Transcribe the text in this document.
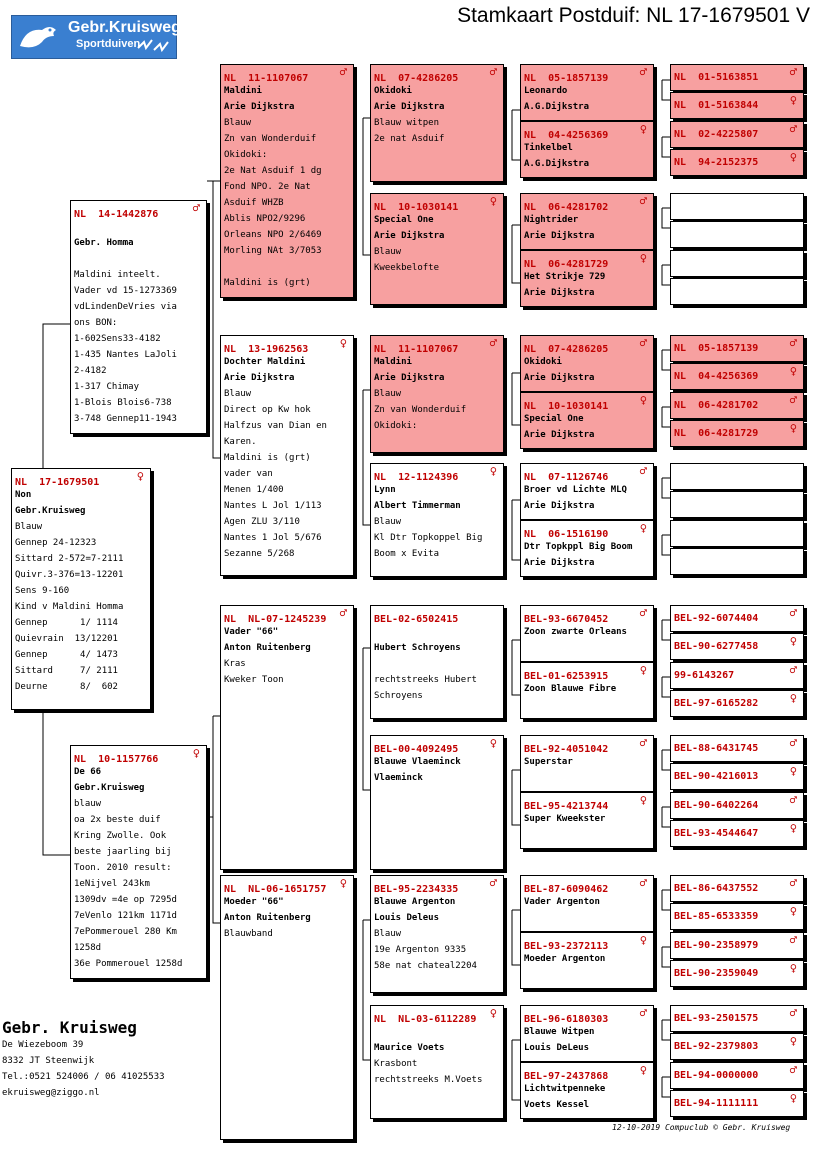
Gebr.Kruisweg
Sportduiven
Stamkaart Postduif: NL 17-1679501 V
NL  17-1679501	♀
Non
Gebr.Kruisweg
Blauw
Gennep 24-12323
Sittard 2-572=7-2111
Quivr.3-376=13-12201
Sens 9-160
Kind v Maldini Homma
Gennep      1/ 1114
Quievrain  13/12201
Gennep      4/ 1473
Sittard     7/ 2111
Deurne      8/  602
NL  14-1442876	♂

Gebr. Homma

Maldini inteelt.
Vader vd 15-1273369
vdLindenDeVries via
ons BON:
1-602Sens33-4182
1-435 Nantes LaJoli
2-4182
1-317 Chimay
1-Blois Blois6-738
3-748 Gennep11-1943
NL  10-1157766	♀
De 66
Gebr.Kruisweg
blauw
oa 2x beste duif
Kring Zwolle. Ook
beste jaarling bij
Toon. 2010 result:
1eNijvel 243km
1309dv =4e op 7295d
7eVenlo 121km 1171d
7ePommerouel 280 Km
1258d
36e Pommerouel 1258d
NL  11-1107067	♂
Maldini
Arie Dijkstra
Blauw
Zn van Wonderduif
Okidoki:
2e Nat Asduif 1 dg
Fond NPO. 2e Nat
Asduif WHZB
Ablis NPO2/9296
Orleans NPO 2/6469
Morling NAt 3/7053

Maldini is (grt)
NL  13-1962563	♀
Dochter Maldini
Arie Dijkstra
Blauw
Direct op Kw hok
Halfzus van Dian en
Karen.
Maldini is (grt)
vader van
Menen 1/400
Nantes L Jol 1/113
Agen ZLU 3/110
Nantes 1 Jol 5/676
Sezanne 5/268
NL  NL-07-1245239	♂
Vader "66"
Anton Ruitenberg
Kras
Kweker Toon
NL  NL-06-1651757	♀
Moeder "66"
Anton Ruitenberg
Blauwband
NL  07-4286205	♂
Okidoki
Arie Dijkstra
Blauw witpen
2e nat Asduif
NL  10-1030141	♀
Special One
Arie Dijkstra
Blauw
Kweekbelofte
NL  11-1107067	♂
Maldini
Arie Dijkstra
Blauw
Zn van Wonderduif
Okidoki:
NL  12-1124396	♀
Lynn
Albert Timmerman
Blauw
Kl Dtr Topkoppel Big
Boom x Evita
BEL-02-6502415

Hubert Schroyens

rechtstreeks Hubert
Schroyens
BEL-00-4092495	♀
Blauwe Vlaeminck
Vlaeminck
BEL-95-2234335	♂
Blauwe Argenton
Louis Deleus
Blauw
19e Argenton 9335
58e nat chateal2204
NL  NL-03-6112289	♀

Maurice Voets
Krasbont
rechtstreeks M.Voets
NL  05-1857139	♂
Leonardo
A.G.Dijkstra
NL  04-4256369	♀
Tinkelbel
A.G.Dijkstra
NL  06-4281702	♂
Nightrider
Arie Dijkstra
NL  06-4281729	♀
Het Strikje 729
Arie Dijkstra
NL  07-4286205	♂
Okidoki
Arie Dijkstra
NL  10-1030141	♀
Special One
Arie Dijkstra
NL  07-1126746	♂
Broer vd Lichte MLQ
Arie Dijkstra
NL  06-1516190	♀
Dtr Topkppl Big Boom
Arie Dijkstra
BEL-93-6670452	♂
Zoon zwarte Orleans
BEL-01-6253915	♀
Zoon Blauwe Fibre
BEL-92-4051042	♂
Superstar
BEL-95-4213744	♀
Super Kweekster
BEL-87-6090462	♂
Vader Argenton
BEL-93-2372113	♀
Moeder Argenton
BEL-96-6180303	♂
Blauwe Witpen
Louis DeLeus
BEL-97-2437868	♀
Lichtwitpenneke
Voets Kessel
NL  01-5163851	♂
NL  01-5163844	♀
NL  02-4225807	♂
NL  94-2152375	♀
NL  05-1857139	♂
NL  04-4256369	♀
NL  06-4281702	♂
NL  06-4281729	♀
BEL-92-6074404	♂
BEL-90-6277458	♀
99-6143267	♂
BEL-97-6165282	♀
BEL-88-6431745	♂
BEL-90-4216013	♀
BEL-90-6402264	♂
BEL-93-4544647	♀
BEL-86-6437552	♂
BEL-85-6533359	♀
BEL-90-2358979	♂
BEL-90-2359049	♀
BEL-93-2501575	♂
BEL-92-2379803	♀
BEL-94-0000000	♂
BEL-94-1111111	♀
Gebr. Kruisweg
De Wiezeboom 39
8332 JT Steenwijk
Tel.:0521 524006 / 06 41025533
ekruisweg@ziggo.nl
12-10-2019 Compuclub © Gebr. Kruisweg
